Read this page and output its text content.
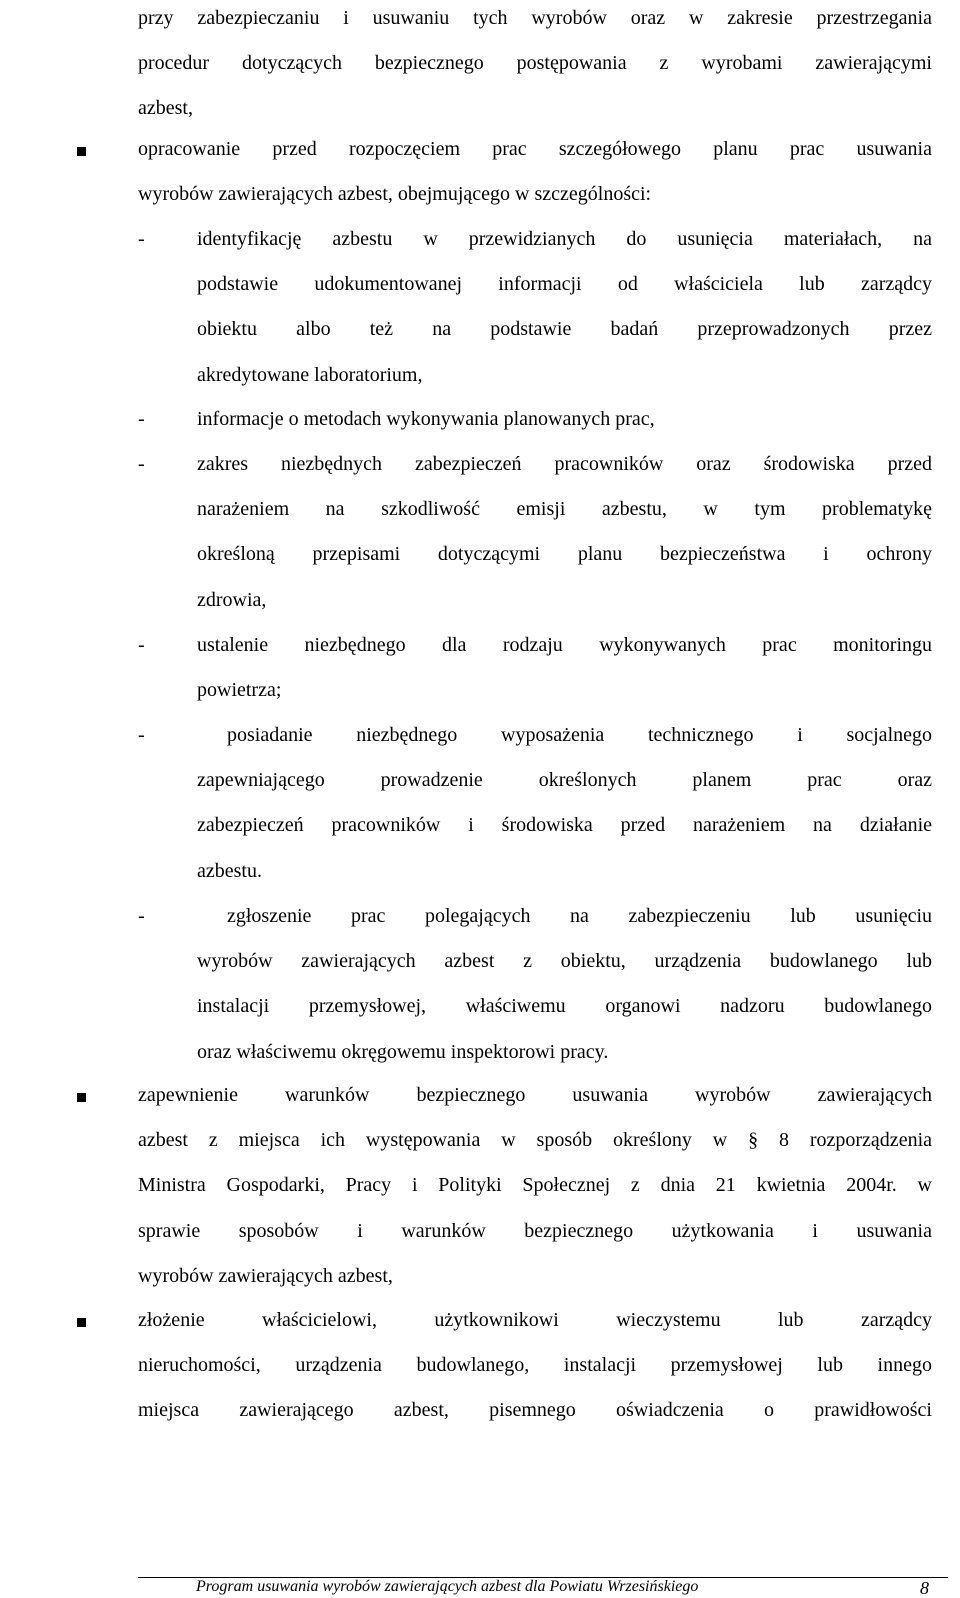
przy zabezpieczaniu i usuwaniu tych wyrobów oraz w zakresie przestrzegania
procedur dotyczących bezpiecznego postępowania z wyrobami zawierającymi
azbest,
opracowanie przed rozpoczęciem prac szczegółowego planu prac usuwania
wyrobów zawierających azbest, obejmującego w szczególności:
-	identyfikację azbestu w przewidzianych do usunięcia materiałach, na
podstawie udokumentowanej informacji od właściciela lub zarządcy
obiektu albo też na podstawie badań przeprowadzonych przez
akredytowane laboratorium,
-	informacje o metodach wykonywania planowanych prac,
-	zakres niezbędnych zabezpieczeń pracowników oraz środowiska przed
narażeniem na szkodliwość emisji azbestu, w tym problematykę
określoną przepisami dotyczącymi planu bezpieczeństwa i ochrony
zdrowia,
-	ustalenie niezbędnego dla rodzaju wykonywanych prac monitoringu
powietrza;
-	posiadanie niezbędnego wyposażenia technicznego i socjalnego
zapewniającego prowadzenie określonych planem prac oraz
zabezpieczeń pracowników i środowiska przed narażeniem na działanie
azbestu.
-	zgłoszenie prac polegających na zabezpieczeniu lub usunięciu
wyrobów zawierających azbest z obiektu, urządzenia budowlanego lub
instalacji przemysłowej, właściwemu organowi nadzoru budowlanego
oraz właściwemu okręgowemu inspektorowi pracy.
zapewnienie warunków bezpiecznego usuwania wyrobów zawierających
azbest z miejsca ich występowania w sposób określony w § 8 rozporządzenia
Ministra Gospodarki, Pracy i Polityki Społecznej z dnia 21 kwietnia 2004r. w
sprawie sposobów i warunków bezpiecznego użytkowania i usuwania
wyrobów zawierających azbest,
złożenie właścicielowi, użytkownikowi wieczystemu lub zarządcy
nieruchomości, urządzenia budowlanego, instalacji przemysłowej lub innego
miejsca zawierającego azbest, pisemnego oświadczenia o prawidłowości
Program usuwania wyrobów zawierających azbest dla Powiatu Wrzesińskiego	8
